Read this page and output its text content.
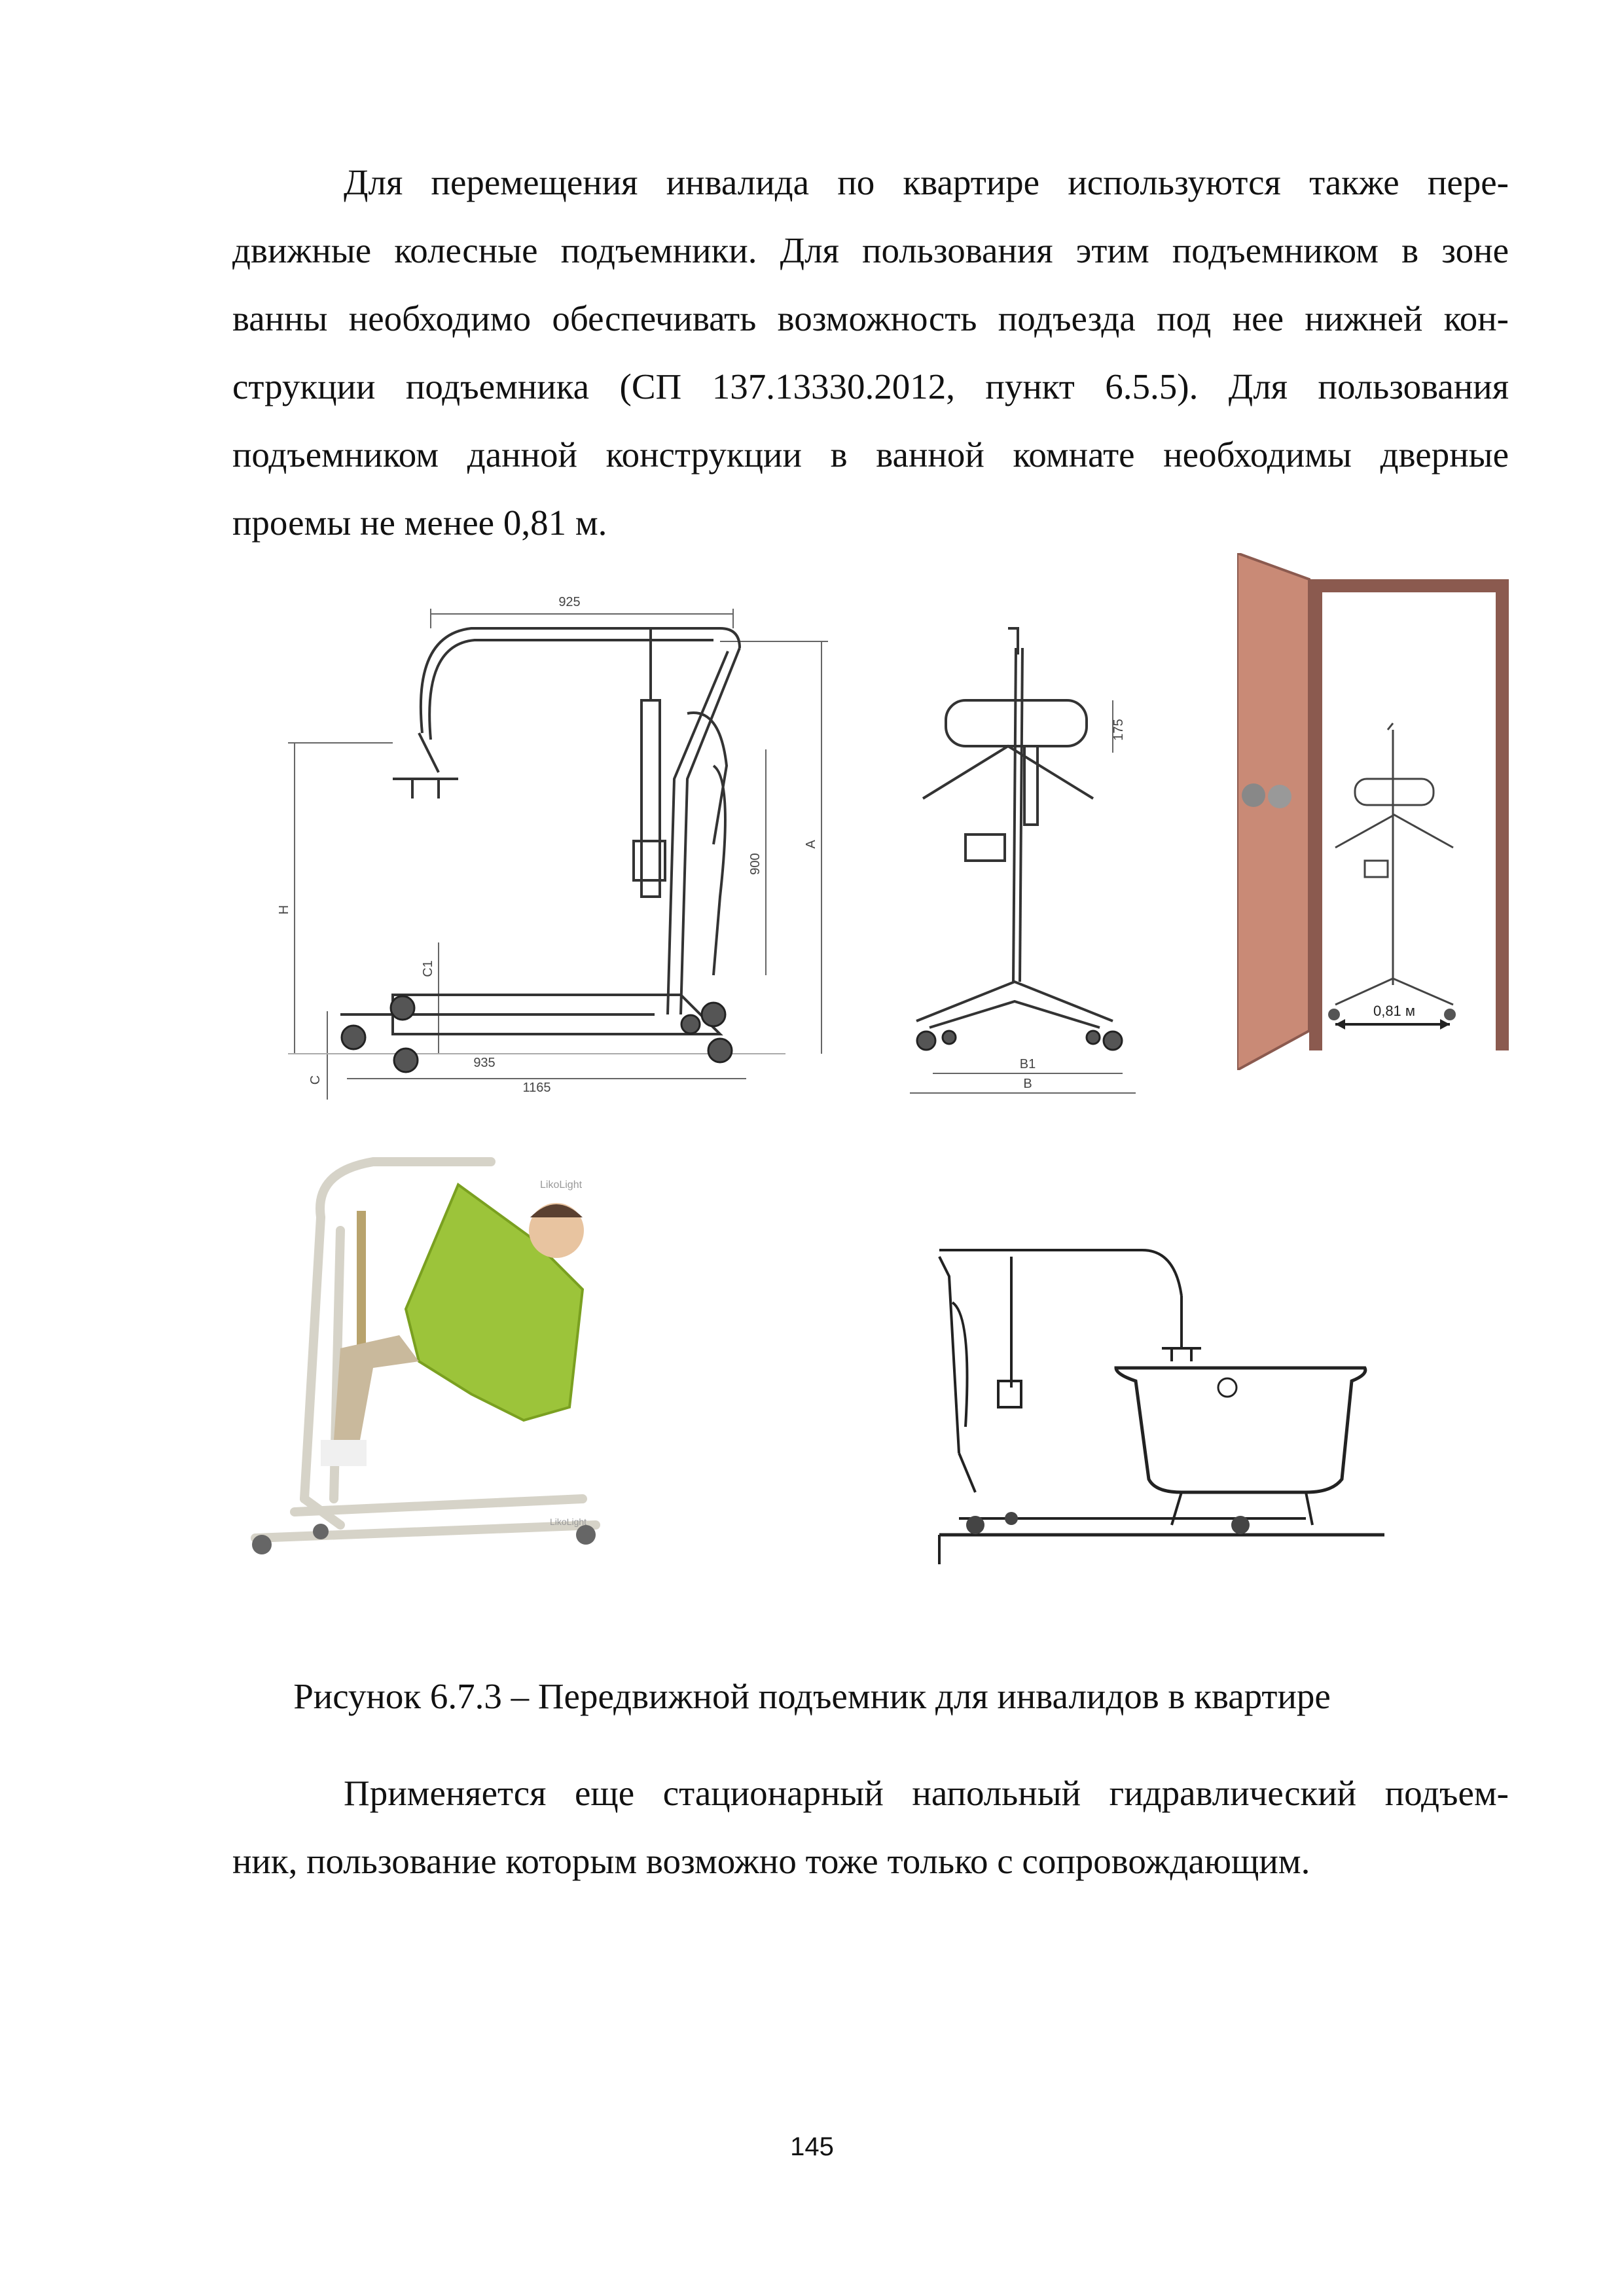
Для перемещения инвалида по квартире используются также пере-
движные колесные подъемники. Для пользования этим подъемником в зоне
ванны необходимо обеспечивать возможность подъезда под нее нижней кон-
струкции подъемника (СП 137.13330.2012, пункт 6.5.5). Для пользования
подъемником данной конструкции в ванной комнате необходимы дверные
проемы не менее 0,81 м.
925
H
A
900
C1
C
935
1165
175
B1
B
0,81 м
LikoLight
LikoLight
Рисунок 6.7.3 – Передвижной подъемник для инвалидов в квартире
Применяется еще стационарный напольный гидравлический подъем-
ник, пользование которым возможно тоже только с сопровождающим.
145
